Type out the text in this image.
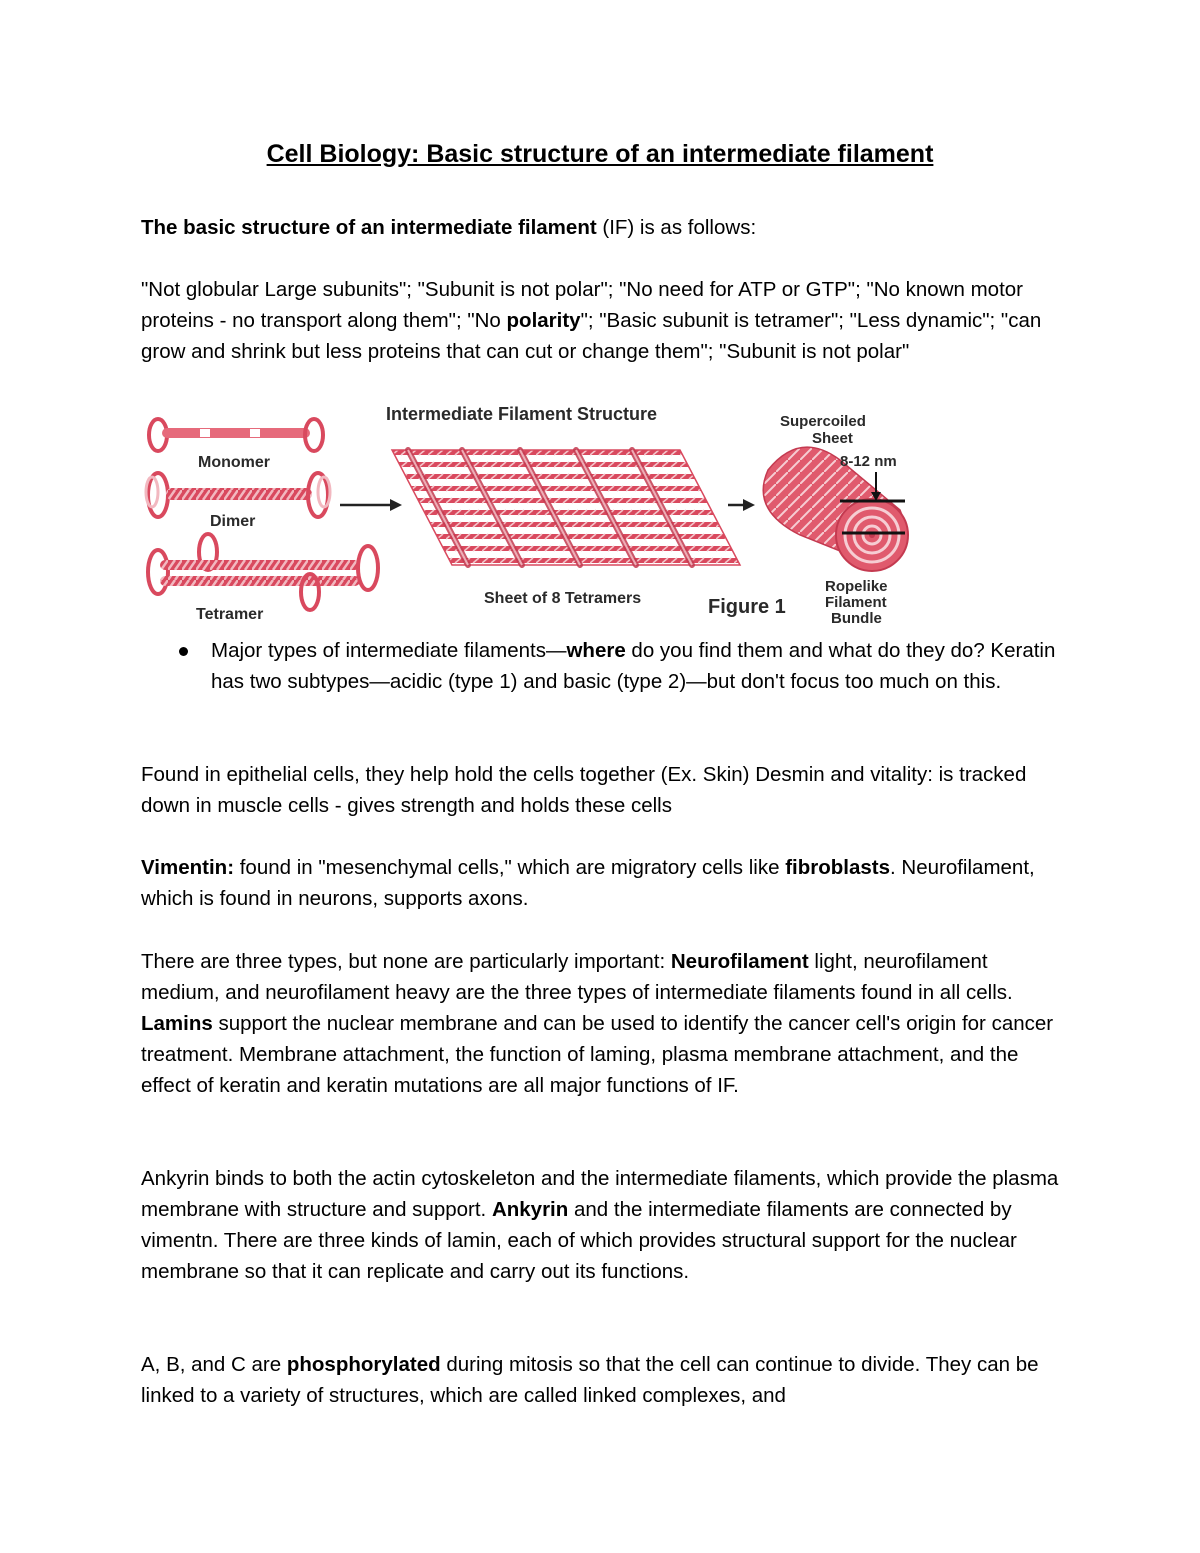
Cell Biology: Basic structure of an intermediate filament

The basic structure of an intermediate filament (IF) is as follows:

"Not globular Large subunits"; "Subunit is not polar"; "No need for ATP or GTP"; "No known motor proteins - no transport along them"; "No polarity"; "Basic subunit is tetramer"; "Less dynamic"; "can grow and shrink but less proteins that can cut or change them"; "Subunit is not polar"

Monomer
Dimer
Tetramer
Intermediate Filament Structure
Sheet of 8 Tetramers	Figure 1
Supercoiled
Sheet
8-12 nm
Ropelike
Filament
Bundle
Major types of intermediate filaments—where do you find them and what do they do? Keratin has two subtypes—acidic (type 1) and basic (type 2)—but don't focus too much on this.

Found in epithelial cells, they help hold the cells together (Ex. Skin) Desmin and vitality: is tracked down in muscle cells - gives strength and holds these cells

Vimentin: found in "mesenchymal cells," which are migratory cells like fibroblasts. Neurofilament, which is found in neurons, supports axons.

There are three types, but none are particularly important: Neurofilament light, neurofilament medium, and neurofilament heavy are the three types of intermediate filaments found in all cells. Lamins support the nuclear membrane and can be used to identify the cancer cell's origin for cancer treatment. Membrane attachment, the function of laming, plasma membrane attachment, and the effect of keratin and keratin mutations are all major functions of IF.

Ankyrin binds to both the actin cytoskeleton and the intermediate filaments, which provide the plasma membrane with structure and support. Ankyrin and the intermediate filaments are connected by vimentn. There are three kinds of lamin, each of which provides structural support for the nuclear membrane so that it can replicate and carry out its functions.

A, B, and C are phosphorylated during mitosis so that the cell can continue to divide. They can be linked to a variety of structures, which are called linked complexes, and
